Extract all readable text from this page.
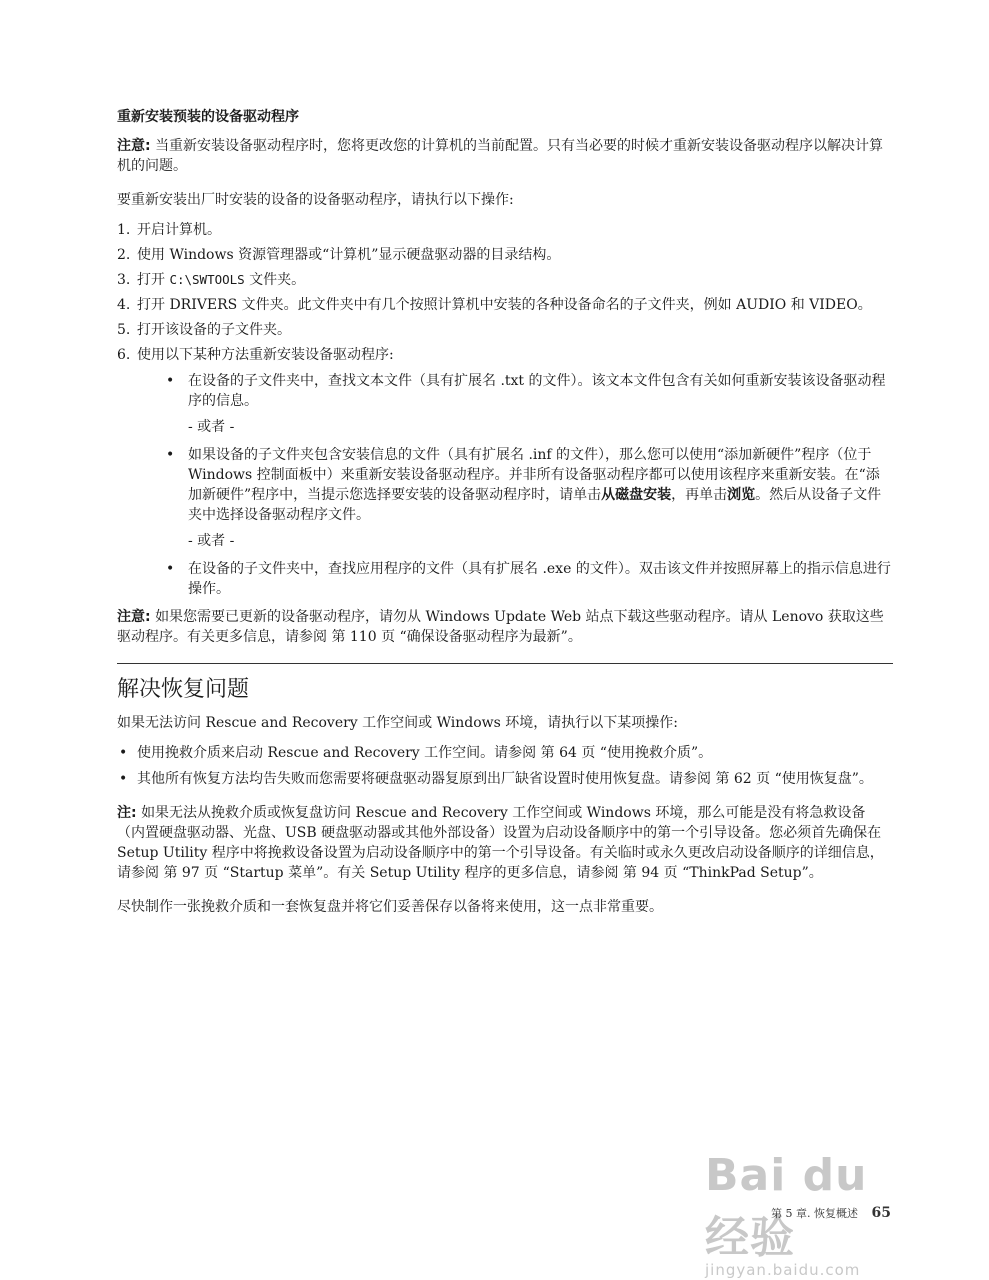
重新安装预装的设备驱动程序
注意: 当重新安装设备驱动程序时，您将更改您的计算机的当前配置。只有当必要的时候才重新安装设备驱动程序以解决计算机的问题。

要重新安装出厂时安装的设备的设备驱动程序，请执行以下操作:

1. 开启计算机。
2. 使用 Windows 资源管理器或“计算机”显示硬盘驱动器的目录结构。
3. 打开 C:\SWTOOLS 文件夹。
4. 打开 DRIVERS 文件夹。此文件夹中有几个按照计算机中安装的各种设备命名的子文件夹，例如 AUDIO 和 VIDEO。
5. 打开该设备的子文件夹。
6. 使用以下某种方法重新安装设备驱动程序:
• 在设备的子文件夹中，查找文本文件（具有扩展名 .txt 的文件）。该文本文件包含有关如何重新安装该设备驱动程序的信息。
- 或者 -
• 如果设备的子文件夹包含安装信息的文件（具有扩展名 .inf 的文件），那么您可以使用“添加新硬件”程序（位于 Windows 控制面板中）来重新安装设备驱动程序。并非所有设备驱动程序都可以使用该程序来重新安装。在“添加新硬件”程序中，当提示您选择要安装的设备驱动程序时，请单击从磁盘安装，再单击浏览。然后从设备子文件夹中选择设备驱动程序文件。
- 或者 -
• 在设备的子文件夹中，查找应用程序的文件（具有扩展名 .exe 的文件）。双击该文件并按照屏幕上的指示信息进行操作。
注意: 如果您需要已更新的设备驱动程序，请勿从 Windows Update Web 站点下载这些驱动程序。请从 Lenovo 获取这些驱动程序。有关更多信息，请参阅 第 110 页 “确保设备驱动程序为最新”。
解决恢复问题

如果无法访问 Rescue and Recovery 工作空间或 Windows 环境，请执行以下某项操作:

• 使用挽救介质来启动 Rescue and Recovery 工作空间。请参阅 第 64 页 “使用挽救介质”。
• 其他所有恢复方法均告失败而您需要将硬盘驱动器复原到出厂缺省设置时使用恢复盘。请参阅 第 62 页 “使用恢复盘”。
注: 如果无法从挽救介质或恢复盘访问 Rescue and Recovery 工作空间或 Windows 环境，那么可能是没有将急救设备（内置硬盘驱动器、光盘、USB 硬盘驱动器或其他外部设备）设置为启动设备顺序中的第一个引导设备。您必须首先确保在 Setup Utility 程序中将挽救设备设置为启动设备顺序中的第一个引导设备。有关临时或永久更改启动设备顺序的详细信息，请参阅 第 97 页 “Startup 菜单”。有关 Setup Utility 程序的更多信息，请参阅 第 94 页 “ThinkPad Setup”。

尽快制作一张挽救介质和一套恢复盘并将它们妥善保存以备将来使用，这一点非常重要。

Bai du 经验
jingyan.baidu.com
第 5 章. 恢复概述 65
